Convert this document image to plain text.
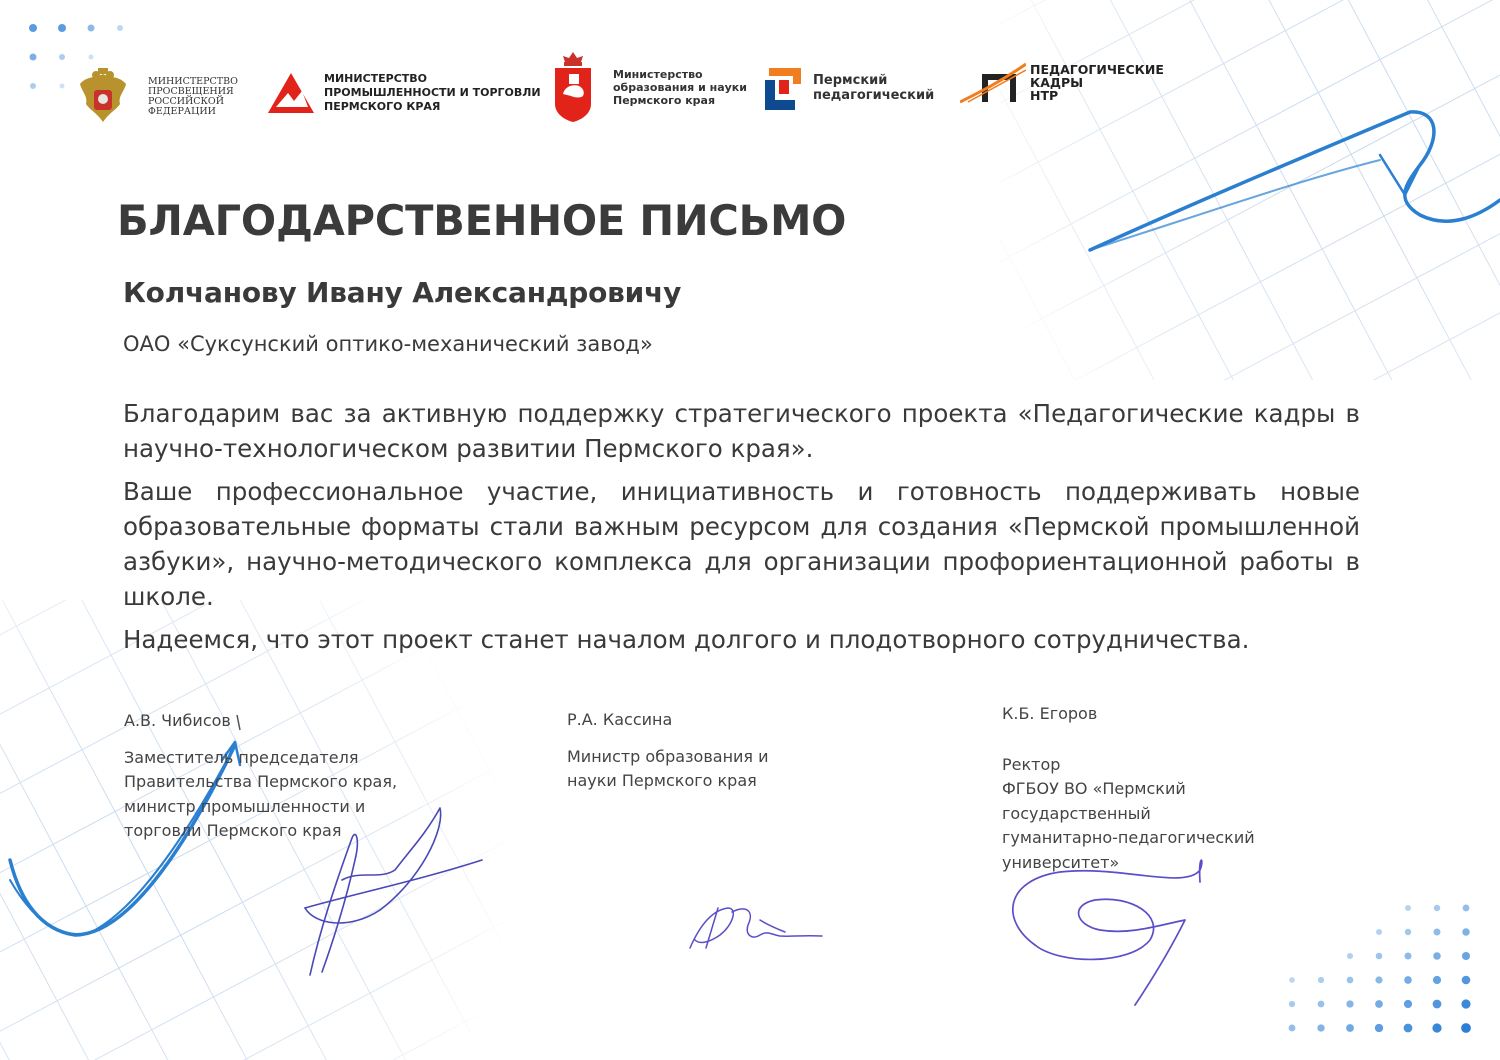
МИНИСТЕРСТВО
ПРОСВЕЩЕНИЯ
РОССИЙСКОЙ
ФЕДЕРАЦИИ
МИНИСТЕРСТВО
ПРОМЫШЛЕННОСТИ И ТОРГОВЛИ
ПЕРМСКОГО КРАЯ
Министерство
образования и науки
Пермского края
Пермский
педагогический
ПЕДАГОГИЧЕСКИЕ
КАДРЫ
НТР
БЛАГОДАРСТВЕННОЕ ПИСЬМО
Колчанову Ивану Александровичу
ОАО «Суксунский оптико-механический завод»

Благодарим вас за активную поддержку стратегического проекта «Педагогические кадры в научно-технологическом развитии Пермского края».

Ваше профессиональное участие, инициативность и готовность поддерживать новые образовательные форматы стали важным ресурсом для создания «Пермской промышленной азбуки», научно-методического комплекса для организации профориентационной работы в школе.

Надеемся, что этот проект станет началом долгого и плодотворного сотрудничества.

А.В. Чибисов
Заместитель председателя
Правительства Пермского края,
министр промышленности и
торговли Пермского края
Р.А. Кассина
Министр образования и
науки Пермского края
К.Б. Егоров
Ректор
ФГБОУ ВО «Пермский
государственный
гуманитарно-педагогический
университет»
